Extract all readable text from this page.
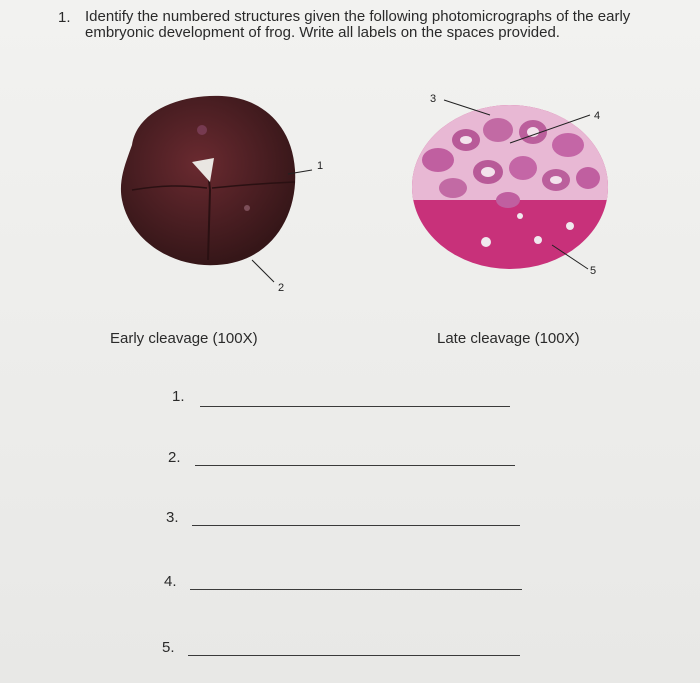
1. Identify the numbered structures given the following photomicrographs of the early embryonic development of frog. Write all labels on the spaces provided.
1
2
3
4
5
Early cleavage (100X)	Late cleavage (100X)
1.
2.
3.
4.
5.
